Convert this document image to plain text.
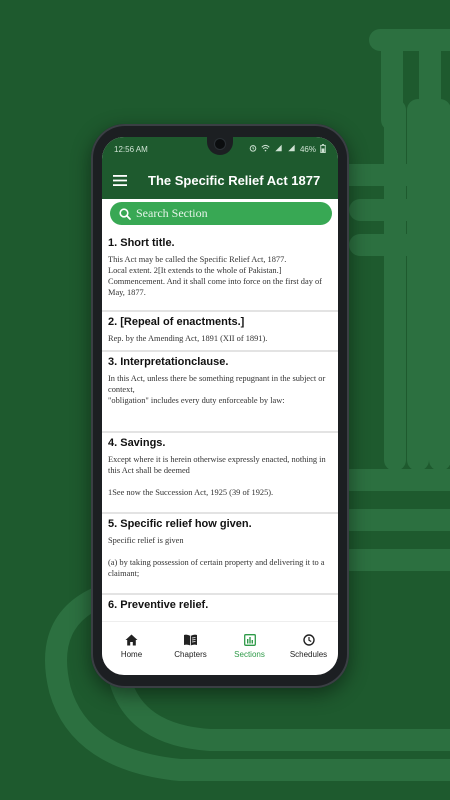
12:56 AM	46%
The Specific Relief Act 1877
Search Section
1. Short title.

This Act may be called the Specific Relief Act, 1877.

Local extent. 2[It extends to the whole of Pakistan.]

Commencement. And it shall come into force on the first day of May, 1877.

2. [Repeal of enactments.]

Rep. by the Amending Act, 1891 (XII of 1891).

3. Interpretationclause.

In this Act, unless there be something repugnant in the subject or context,

"obligation" includes every duty enforceable by law:

4. Savings.

Except where it is herein otherwise expressly enacted, nothing in this Act shall be deemed

1See now the Succession Act, 1925 (39 of 1925).

5. Specific relief how given.

Specific relief is given

(a) by taking possession of certain property and delivering it to a claimant;

6. Preventive relief.
Home	Chapters	Sections	Schedules
